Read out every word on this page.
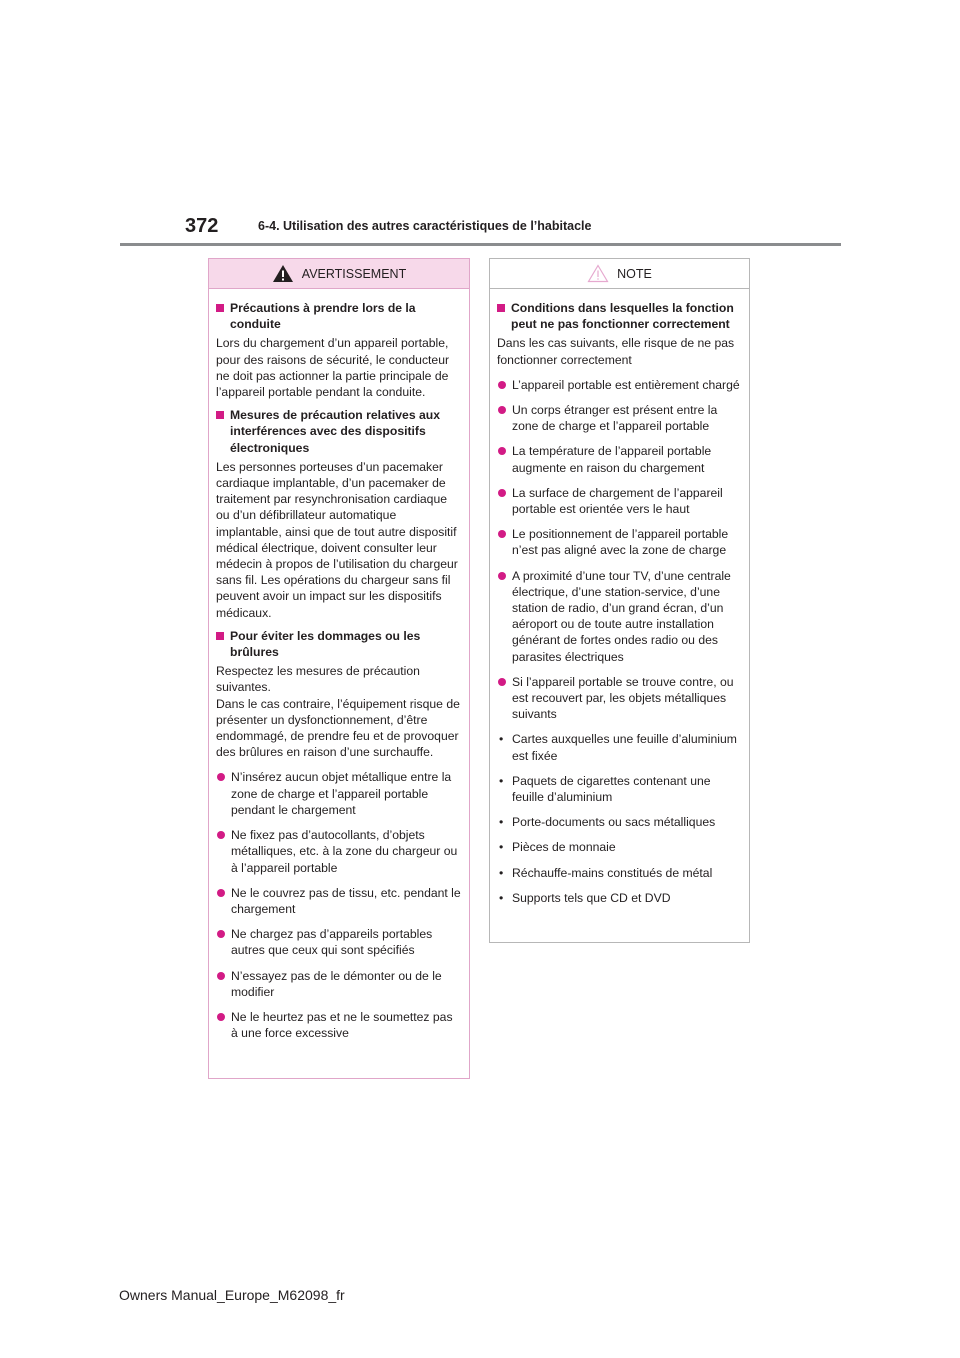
372	6-4. Utilisation des autres caractéristiques de l’habitacle
AVERTISSEMENT
Précautions à prendre lors de la conduite
Lors du chargement d’un appareil portable, pour des raisons de sécurité, le conducteur ne doit pas actionner la partie principale de l’appareil portable pendant la conduite.
Mesures de précaution relatives aux interférences avec des dispositifs électroniques
Les personnes porteuses d’un pacemaker cardiaque implantable, d’un pacemaker de traitement par resynchronisation cardiaque ou d’un défibrillateur automatique implantable, ainsi que de tout autre dispositif médical électrique, doivent consulter leur médecin à propos de l’utilisation du chargeur sans fil. Les opérations du chargeur sans fil peuvent avoir un impact sur les dispositifs médicaux.
Pour éviter les dommages ou les brûlures
Respectez les mesures de précaution suivantes.
Dans le cas contraire, l’équipement risque de présenter un dysfonctionnement, d’être endommagé, de prendre feu et de provoquer des brûlures en raison d’une surchauffe.
N’insérez aucun objet métallique entre la zone de charge et l’appareil portable pendant le chargement
Ne fixez pas d’autocollants, d’objets métalliques, etc. à la zone du chargeur ou à l’appareil portable
Ne le couvrez pas de tissu, etc. pendant le chargement
Ne chargez pas d’appareils portables autres que ceux qui sont spécifiés
N’essayez pas de le démonter ou de le modifier
Ne le heurtez pas et ne le soumettez pas à une force excessive
NOTE
Conditions dans lesquelles la fonction peut ne pas fonctionner correctement
Dans les cas suivants, elle risque de ne pas fonctionner correctement
L’appareil portable est entièrement chargé
Un corps étranger est présent entre la zone de charge et l’appareil portable
La température de l’appareil portable augmente en raison du chargement
La surface de chargement de l’appareil portable est orientée vers le haut
Le positionnement de l’appareil portable n’est pas aligné avec la zone de charge
A proximité d’une tour TV, d’une centrale électrique, d’une station-service, d’une station de radio, d’un grand écran, d’un aéroport ou de toute autre installation générant de fortes ondes radio ou des parasites électriques
Si l’appareil portable se trouve contre, ou est recouvert par, les objets métalliques suivants
• Cartes auxquelles une feuille d’aluminium est fixée
• Paquets de cigarettes contenant une feuille d’aluminium
• Porte-documents ou sacs métalliques
• Pièces de monnaie
• Réchauffe-mains constitués de métal
• Supports tels que CD et DVD
Owners Manual_Europe_M62098_fr
